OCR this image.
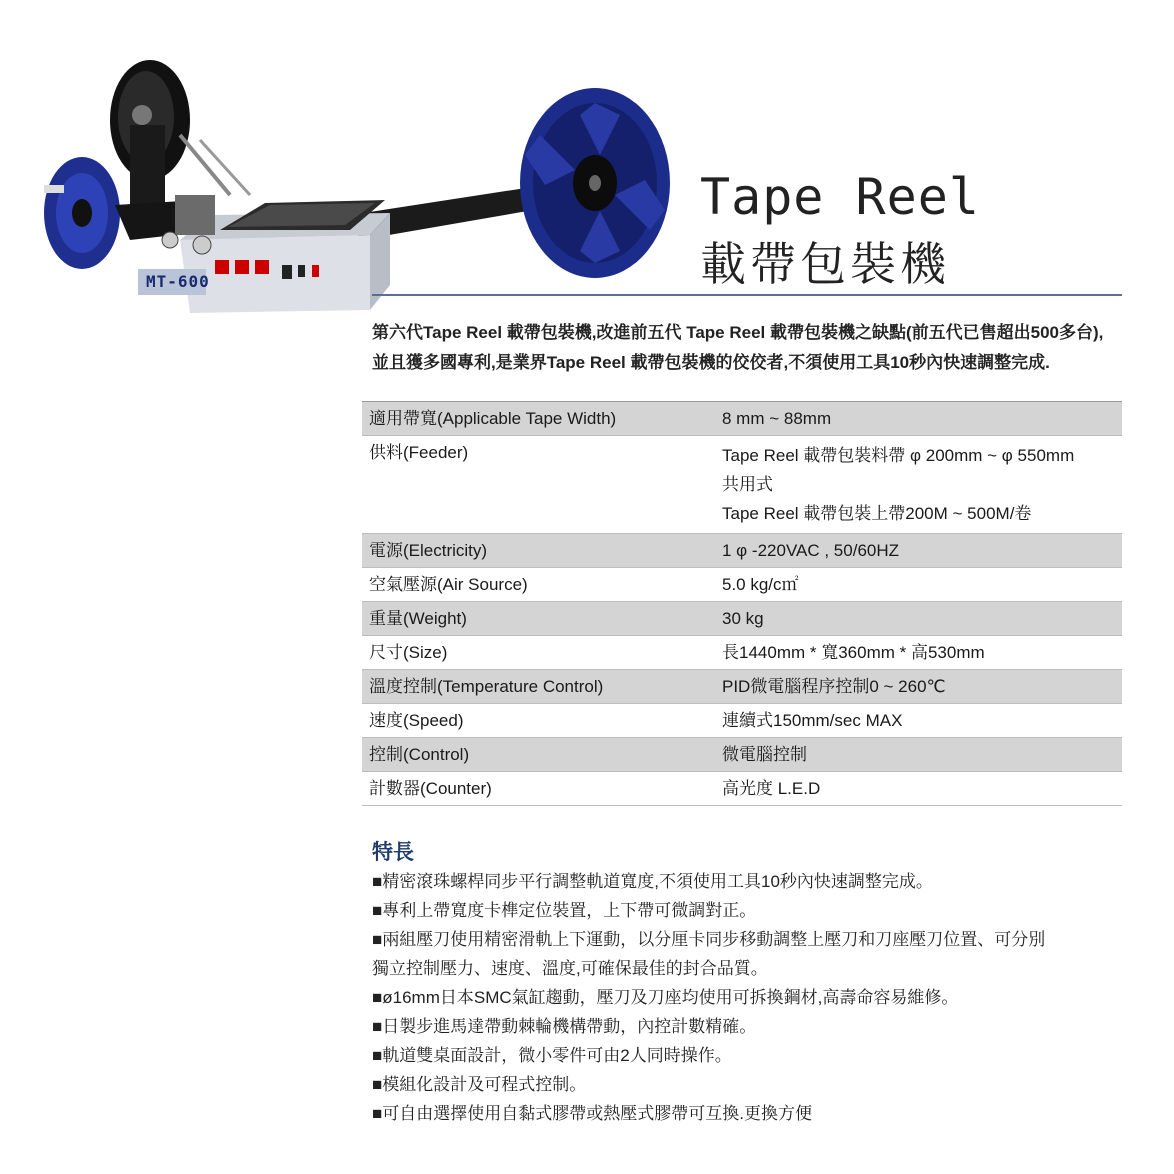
MT-600
Tape Reel
載帶包裝機
第六代Tape Reel 載帶包裝機,改進前五代 Tape Reel 載帶包裝機之缺點(前五代已售超出500多台),
並且獲多國專利,是業界Tape Reel 載帶包裝機的佼佼者,不須使用工具10秒內快速調整完成.
適用帶寬(Applicable Tape Width)	8 mm ~ 88mm
供料(Feeder)	Tape Reel 載帶包裝料帶 φ 200mm ~ φ 550mm
共用式
Tape Reel 載帶包裝上帶200M ~ 500M/卷
電源(Electricity)	1 φ -220VAC , 50/60HZ
空氣壓源(Air Source)	5.0 kg/c㎡
重量(Weight)	30 kg
尺寸(Size)	長1440mm * 寬360mm * 高530mm
溫度控制(Temperature Control)	PID微電腦程序控制0 ~ 260℃
速度(Speed)	連續式150mm/sec MAX
控制(Control)	微電腦控制
計數器(Counter)	高光度 L.E.D
特長
■精密滾珠螺桿同步平行調整軌道寬度,不須使用工具10秒內快速調整完成。
■專利上帶寬度卡榫定位裝置，上下帶可微調對正。
■兩組壓刀使用精密滑軌上下運動，以分厘卡同步移動調整上壓刀和刀座壓刀位置、可分別
獨立控制壓力、速度、溫度,可確保最佳的封合品質。
■ø16mm日本SMC氣缸趨動，壓刀及刀座均使用可拆換鋼材,高壽命容易維修。
■日製步進馬達帶動棘輪機構帶動，內控計數精確。
■軌道雙桌面設計，微小零件可由2人同時操作。
■模組化設計及可程式控制。
■可自由選擇使用自黏式膠帶或熱壓式膠帶可互換.更換方便
